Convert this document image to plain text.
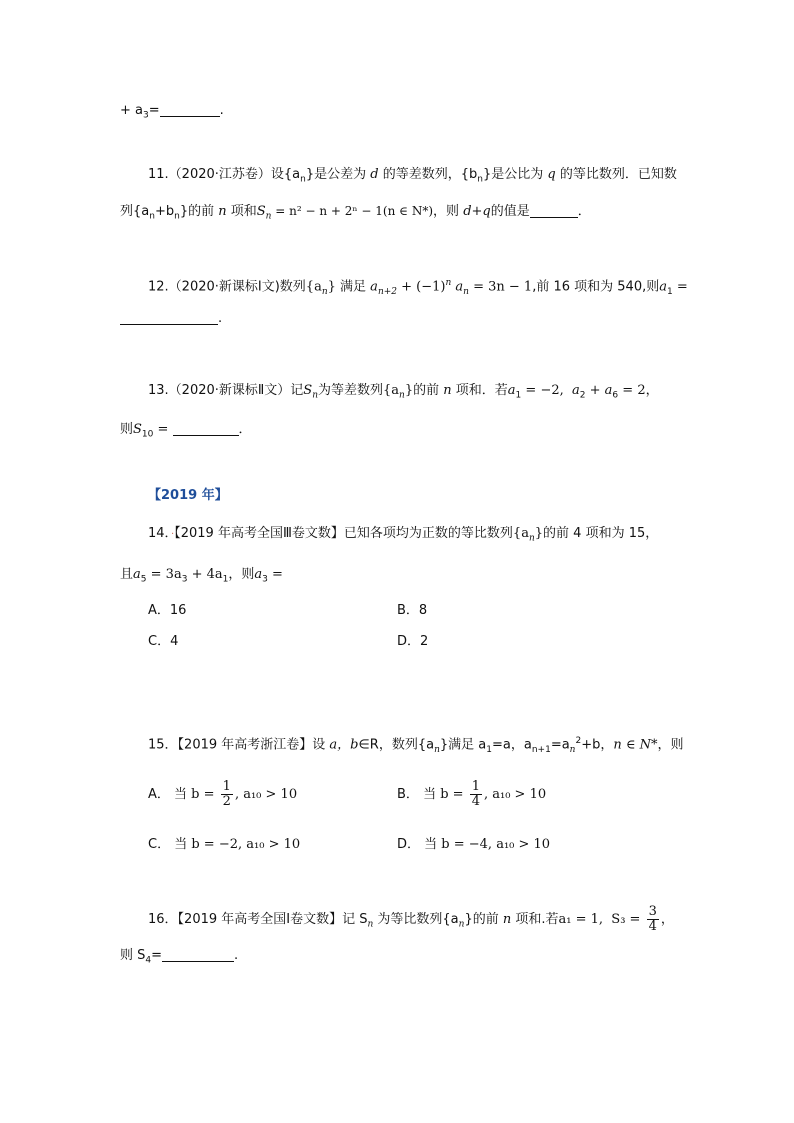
+ $a_3=$	.
11.（2020·江苏卷）设$\{a_n\}$是公差为 d 的等差数列，$\{b_n\}$是公比为 q 的等比数列．已知数
列$\{a_n+b_n\}$的前 n 项和$S_n = n^2 - n + 2^n - 1(n$ ∈ N*)，则 d+q的值是	．
12.（2020·新课标Ⅰ文)数列$\{a_n\}$ 满足 $a_{n+2} + (-1)^n$ $a_n = 3n - 1$,前 16 项和为 540,则$a_1$ =
.
13.（2020·新课标Ⅱ文）记$S_n$为等差数列$\{a_n\}$的前 n 项和．若$a_1 = -2$, $a_2 + a_6 = 2$，
则$S_{10}$ =	．
【2019 年】
14．·【2019 年高考全国Ⅲ卷文数】已知各项均为正数的等比数列$\{a_n\}$的前 4 项和为 15，
且$a_5 = 3a_3 + 4a_1$，则$a_3$ =
A．16	B．8
C．4	D．2
15．【2019 年高考浙江卷】设 a，b∈R，数列$\{a_n\}$满足 $a_1=a$，$a_{n+1}=a_n^2+b$，n ∈ N*，则
A． 当 $b = \frac{1}{2}$ , a₁₀ > 10	B． 当 $b = \frac{1}{4}$ , a₁₀ > 10
C． 当 b = −2, a₁₀ > 10	D． 当 b = −4, a₁₀ > 10
16．【2019 年高考全国Ⅰ卷文数】记 $S_n$ 为等比数列$\{a_n\}$的前 n 项和.若a₁ = 1, $S_3 = \frac{3}{4}$ ，
则 $S_4=$	.
